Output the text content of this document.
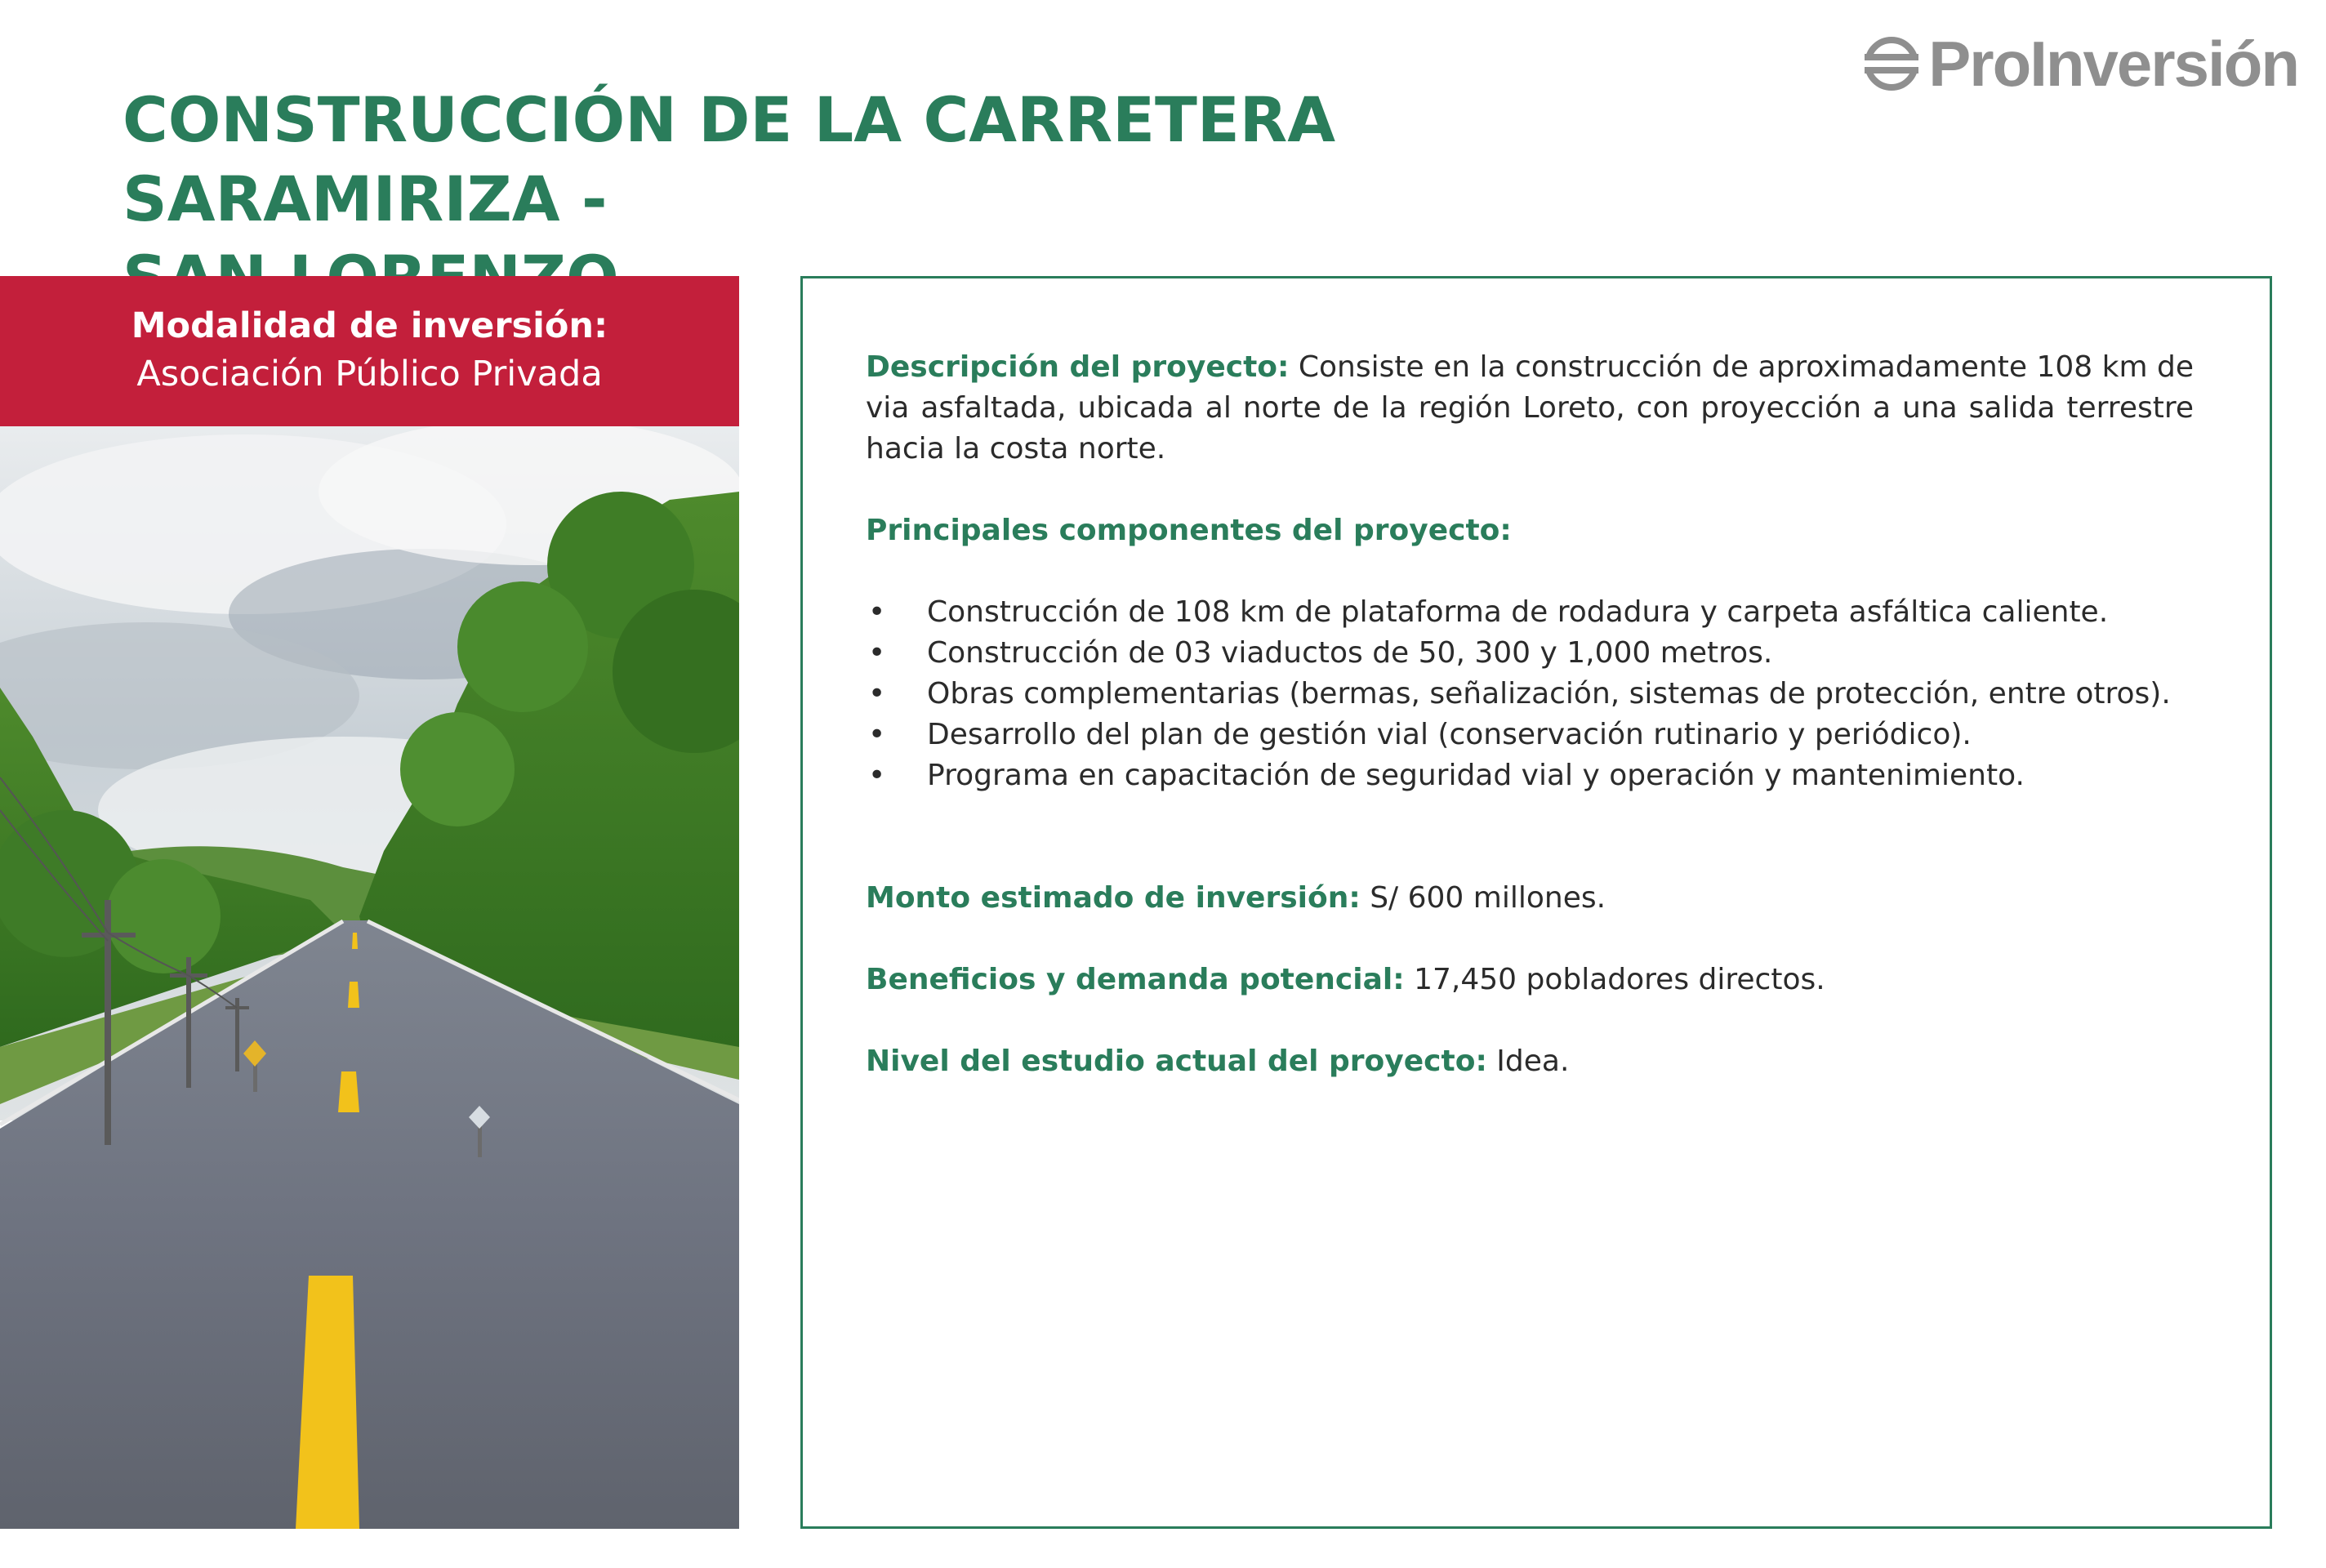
CONSTRUCCIÓN DE LA CARRETERA SARAMIRIZA -
ProInversión
Modalidad de inversión:
Asociación Público Privada	Descripción del proyecto: Consiste en la construcción de aproximadamente 108 km de via asfaltada, ubicada al norte de la región Loreto, con proyección a una salida terrestre hacia la costa norte.

Principales componentes del proyecto:

• Construcción de 108 km de plataforma de rodadura y carpeta asfáltica caliente.
• Construcción de 03 viaductos de 50, 300 y 1,000 metros.
• Obras complementarias (bermas, señalización, sistemas de protección, entre otros).
• Desarrollo del plan de gestión vial (conservación rutinario y periódico).
• Programa en capacitación de seguridad vial y operación y mantenimiento.

Monto estimado de inversión: S/ 600 millones.

Beneficios y demanda potencial: 17,450 pobladores directos.

Nivel del estudio actual del proyecto: Idea.
